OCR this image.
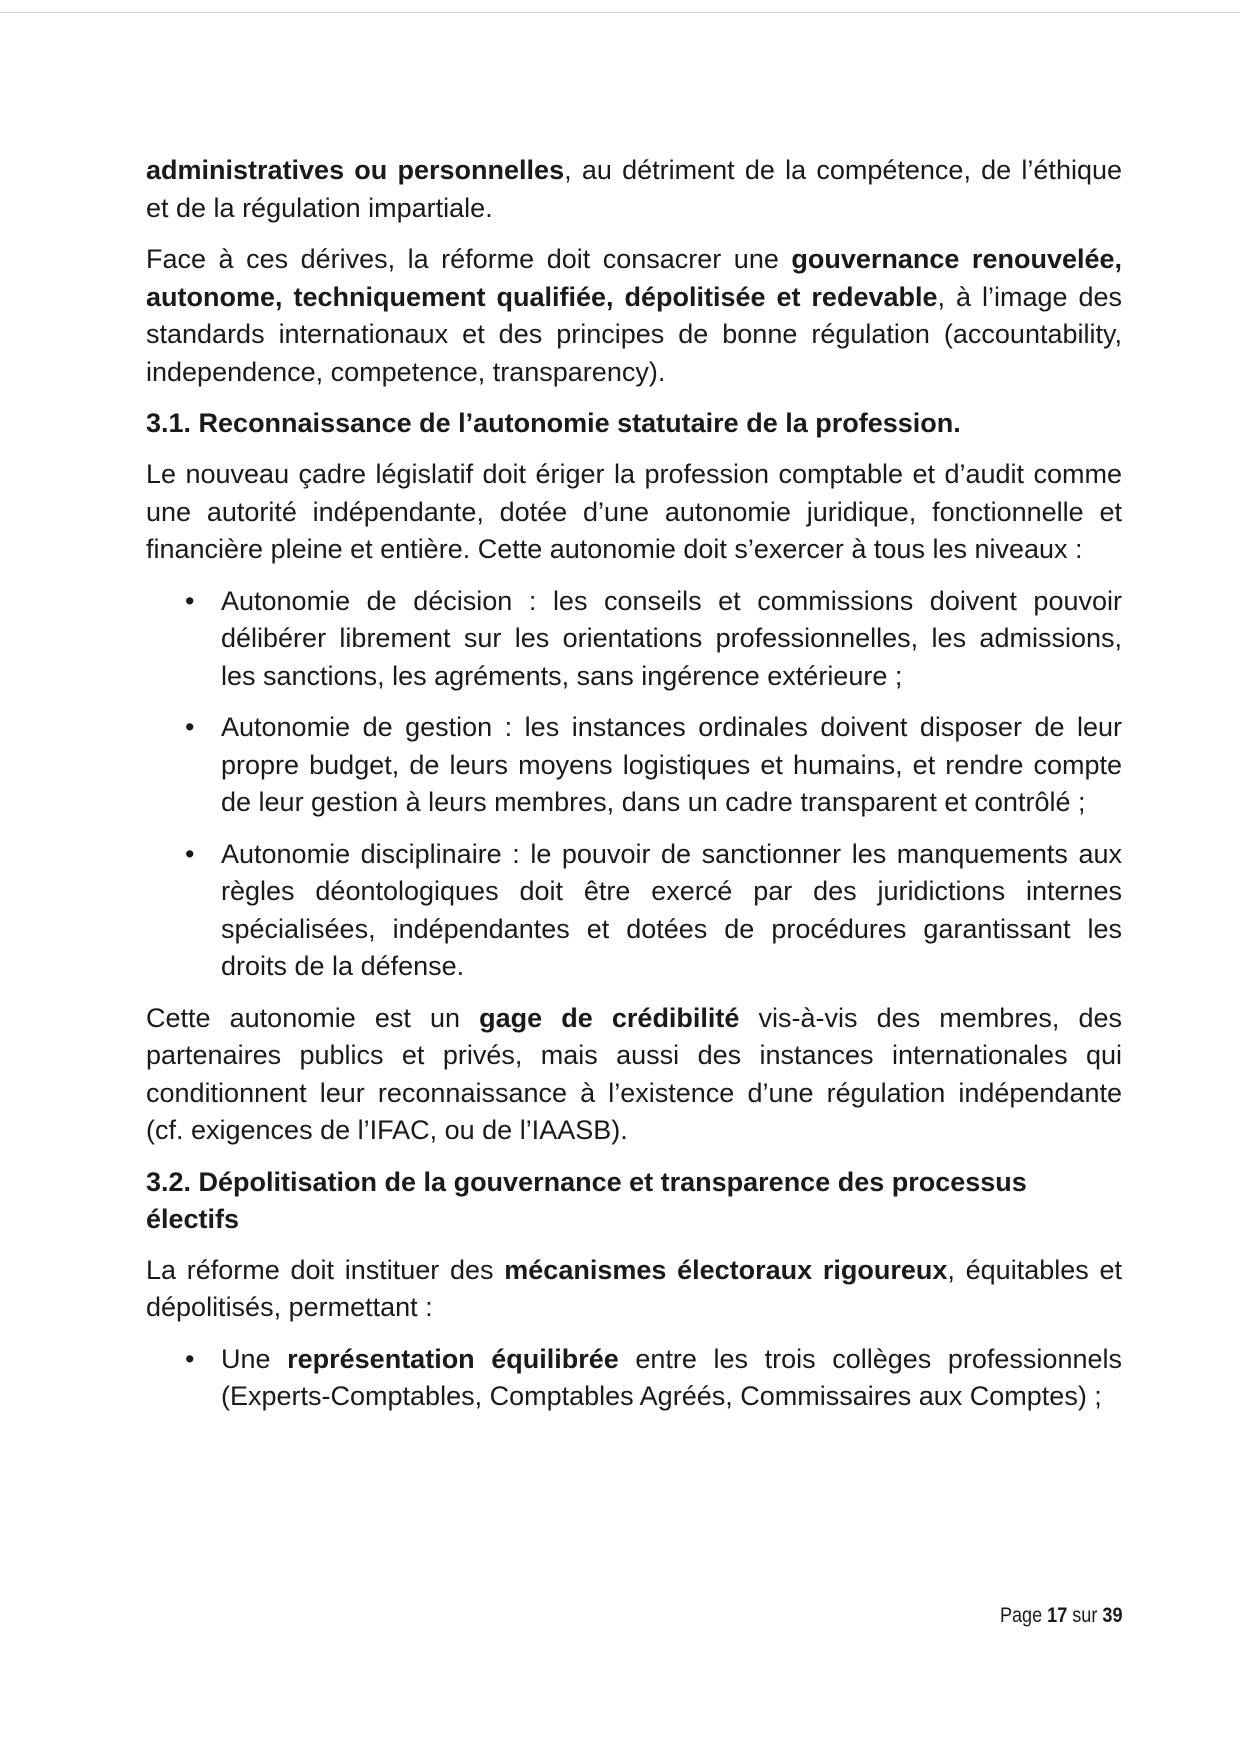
administratives ou personnelles, au détriment de la compétence, de l’éthique et de la régulation impartiale.

Face à ces dérives, la réforme doit consacrer une gouvernance renouvelée, autonome, techniquement qualifiée, dépolitisée et redevable, à l’image des standards internationaux et des principes de bonne régulation (accountability, independence, competence, transparency).

3.1. Reconnaissance de l’autonomie statutaire de la profession.

Le nouveau çadre législatif doit ériger la profession comptable et d’audit comme une autorité indépendante, dotée d’une autonomie juridique, fonctionnelle et financière pleine et entière. Cette autonomie doit s’exercer à tous les niveaux :

• Autonomie de décision : les conseils et commissions doivent pouvoir délibérer librement sur les orientations professionnelles, les admissions, les sanctions, les agréments, sans ingérence extérieure ;
• Autonomie de gestion : les instances ordinales doivent disposer de leur propre budget, de leurs moyens logistiques et humains, et rendre compte de leur gestion à leurs membres, dans un cadre transparent et contrôlé ;
• Autonomie disciplinaire : le pouvoir de sanctionner les manquements aux règles déontologiques doit être exercé par des juridictions internes spécialisées, indépendantes et dotées de procédures garantissant les droits de la défense.

Cette autonomie est un gage de crédibilité vis-à-vis des membres, des partenaires publics et privés, mais aussi des instances internationales qui conditionnent leur reconnaissance à l’existence d’une régulation indépendante (cf. exigences de l’IFAC, ou de l’IAASB).

3.2. Dépolitisation de la gouvernance et transparence des processus électifs

La réforme doit instituer des mécanismes électoraux rigoureux, équitables et dépolitisés, permettant :

• Une représentation équilibrée entre les trois collèges professionnels (Experts-Comptables, Comptables Agréés, Commissaires aux Comptes) ;
Page 17 sur 39
